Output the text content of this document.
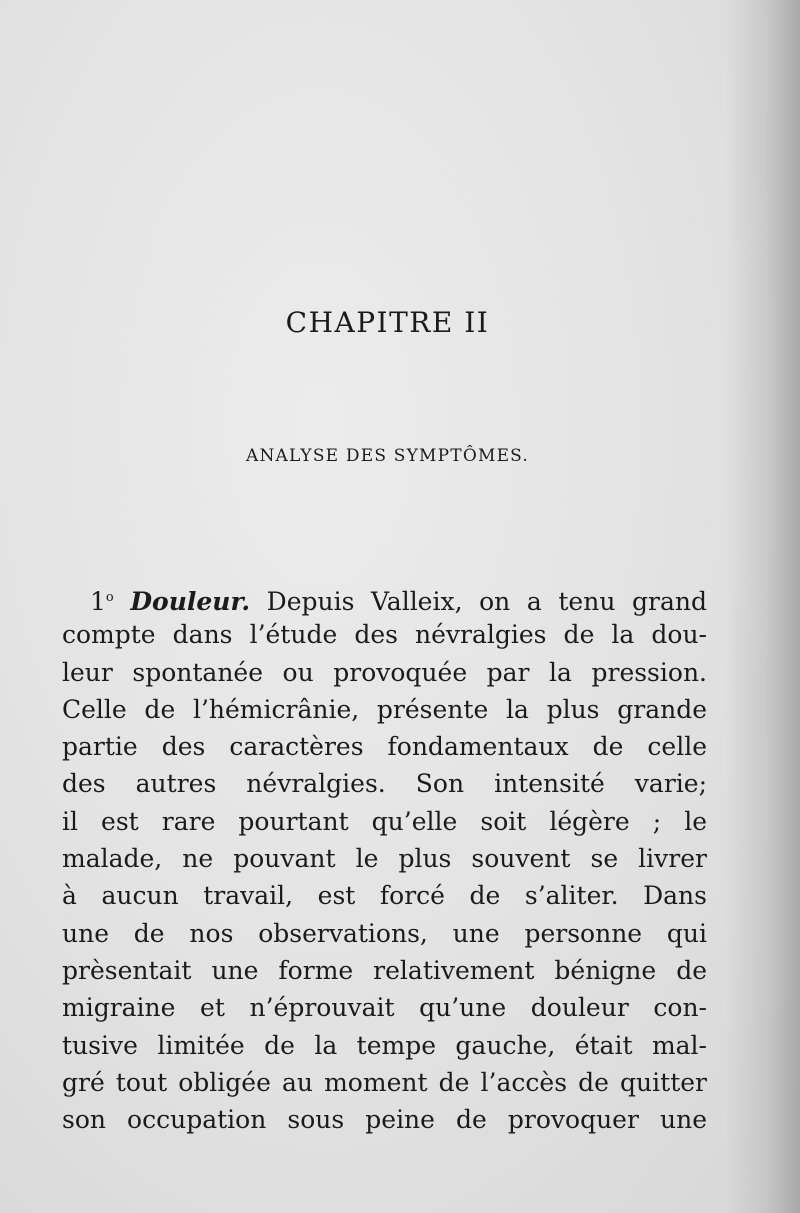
CHAPITRE II
ANALYSE DES SYMPTÔMES.
1$^o$ Douleur. Depuis Valleix, on a tenu grand
compte dans l’étude des névralgies de la dou-
leur spontanée ou provoquée par la pression.
Celle de l’hémicrânie, présente la plus grande
partie des caractères fondamentaux de celle
des autres névralgies. Son intensité varie;
il est rare pourtant qu’elle soit légère ; le
malade, ne pouvant le plus souvent se livrer
à aucun travail, est forcé de s’aliter. Dans
une de nos observations, une personne qui
prèsentait une forme relativement bénigne de
migraine et n’éprouvait qu’une douleur con-
tusive limitée de la tempe gauche, était mal-
gré tout obligée au moment de l’accès de quitter
son occupation sous peine de provoquer une
